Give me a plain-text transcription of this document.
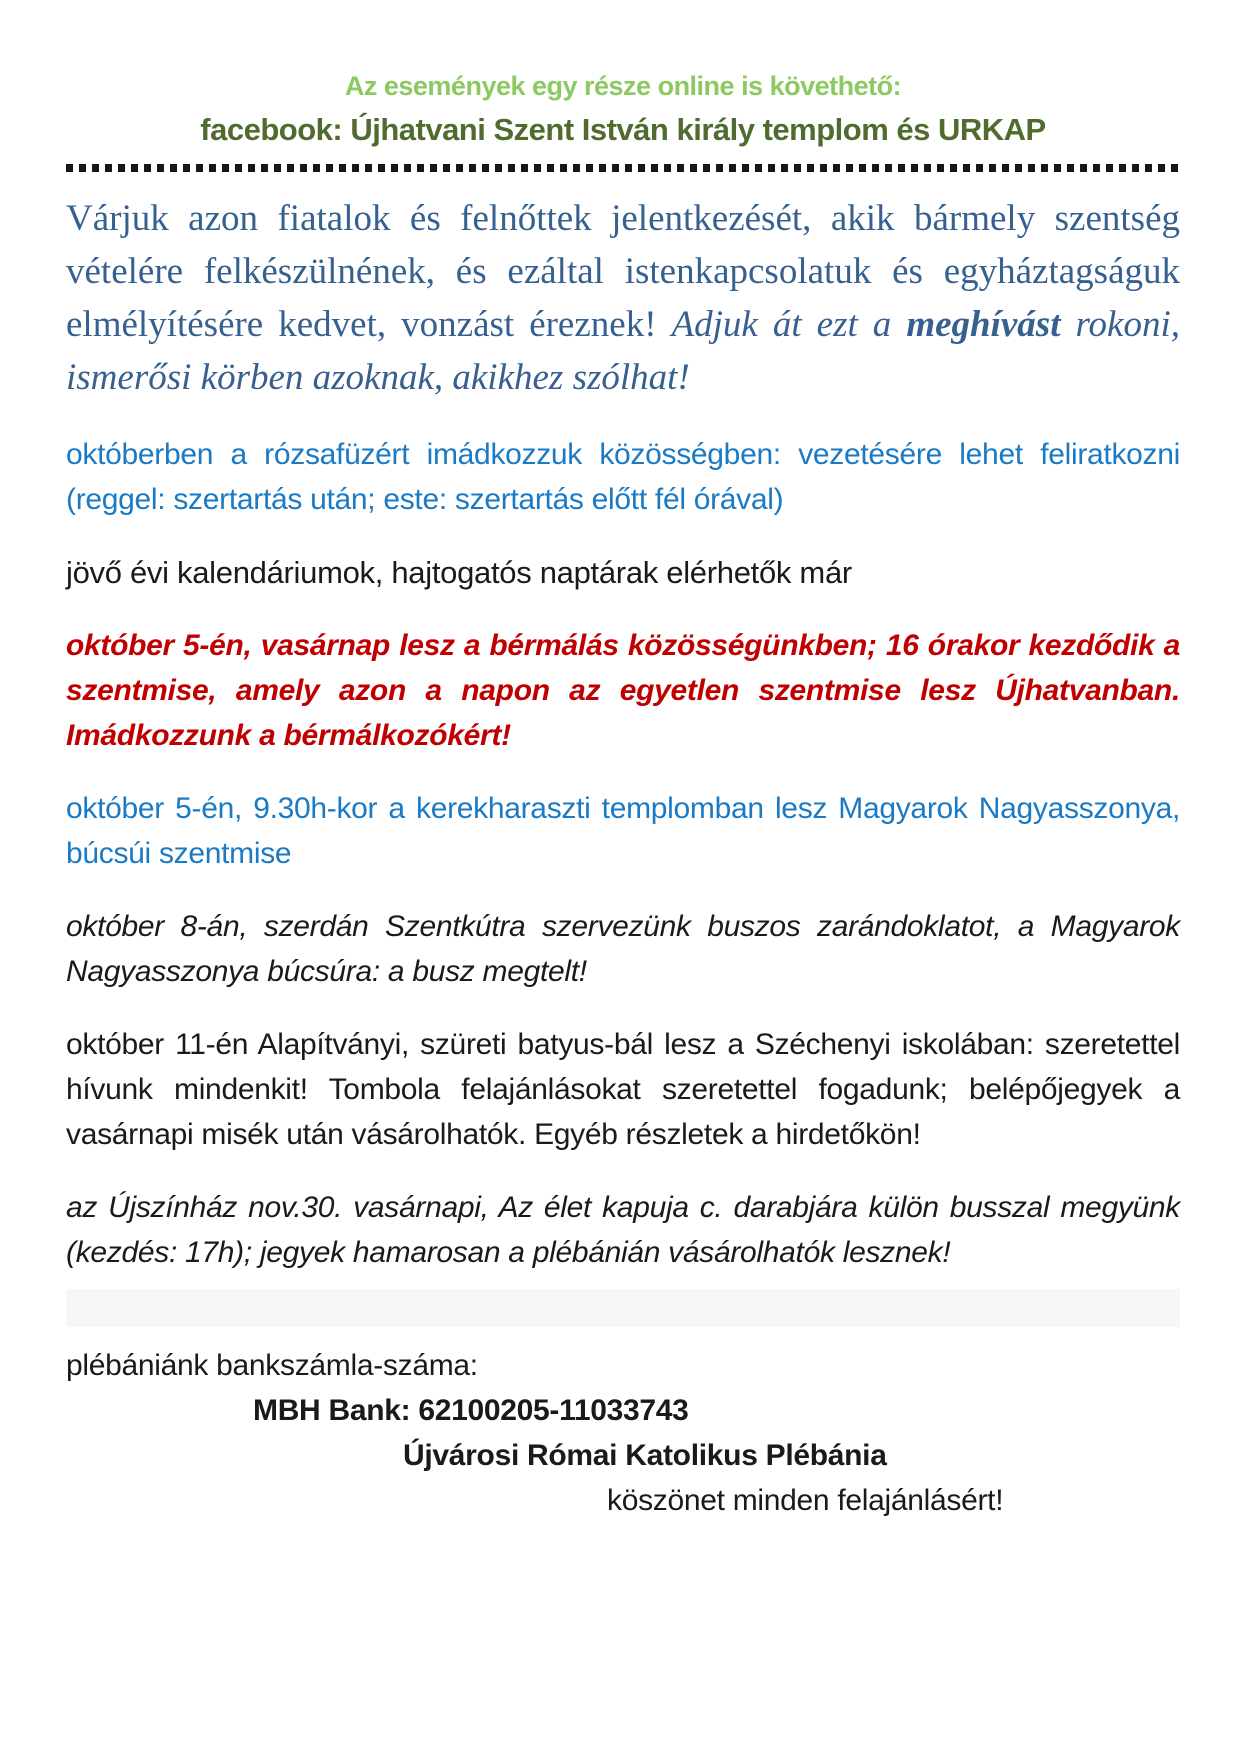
Az események egy része online is követhető:
facebook: Újhatvani Szent István király templom és URKAP

Várjuk azon fiatalok és felnőttek jelentkezését, akik bármely szentség vételére felkészülnének, és ezáltal istenkapcsolatuk és egyháztagságuk elmélyítésére kedvet, vonzást éreznek! Adjuk át ezt a meghívást rokoni, ismerősi körben azoknak, akikhez szólhat!

októberben a rózsafüzért imádkozzuk közösségben: vezetésére lehet feliratkozni (reggel: szertartás után; este: szertartás előtt fél órával)

jövő évi kalendáriumok, hajtogatós naptárak elérhetők már

október 5-én, vasárnap lesz a bérmálás közösségünkben; 16 órakor kezdődik a szentmise, amely azon a napon az egyetlen szentmise lesz Újhatvanban. Imádkozzunk a bérmálkozókért!

október 5-én, 9.30h-kor a kerekharaszti templomban lesz Magyarok Nagyasszonya, búcsúi szentmise

október 8-án, szerdán Szentkútra szervezünk buszos zarándoklatot, a Magyarok Nagyasszonya búcsúra: a busz megtelt!

október 11-én Alapítványi, szüreti batyus-bál lesz a Széchenyi iskolában: szeretettel hívunk mindenkit! Tombola felajánlásokat szeretettel fogadunk; belépőjegyek a vasárnapi misék után vásárolhatók. Egyéb részletek a hirdetőkön!

az Újszínház nov.30. vasárnapi, Az élet kapuja c. darabjára külön busszal megyünk (kezdés: 17h); jegyek hamarosan a plébánián vásárolhatók lesznek!

plébániánk bankszámla-száma:

MBH Bank: 62100205-11033743

Újvárosi Római Katolikus Plébánia

köszönet minden felajánlásért!
